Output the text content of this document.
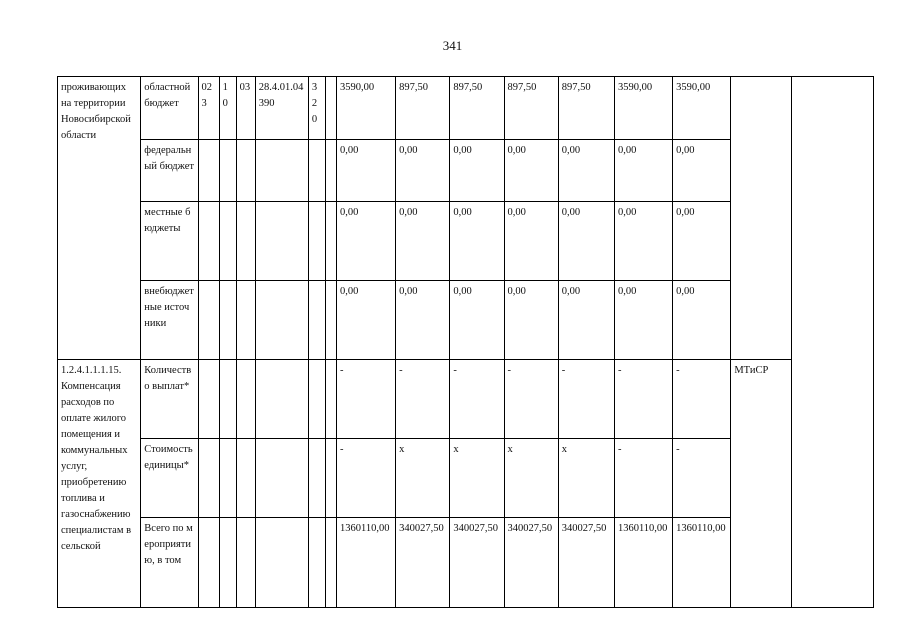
341
проживающих на территории Новосибирской области	областной бюджет	023	10	03	28.4.01.04390	320		3590,00	897,50	897,50	897,50	897,50	3590,00	3590,00		
	федеральный бюджет							0,00	0,00	0,00	0,00	0,00	0,00	0,00		
	местные бюджеты							0,00	0,00	0,00	0,00	0,00	0,00	0,00		
	внебюджетные источники							0,00	0,00	0,00	0,00	0,00	0,00	0,00		
1.2.4.1.1.1.15. Компенсация расходов по оплате жилого помещения и коммунальных услуг, приобретению топлива и газоснабжению специалистам в сельской	Количество выплат*							-	-	-	-	-	-	-	МТиСР	
	Стоимость единицы*							-	x	x	x	x	-	-		
	Всего по мероприятию, в том							1360110,00	340027,50	340027,50	340027,50	340027,50	1360110,00	1360110,00		
